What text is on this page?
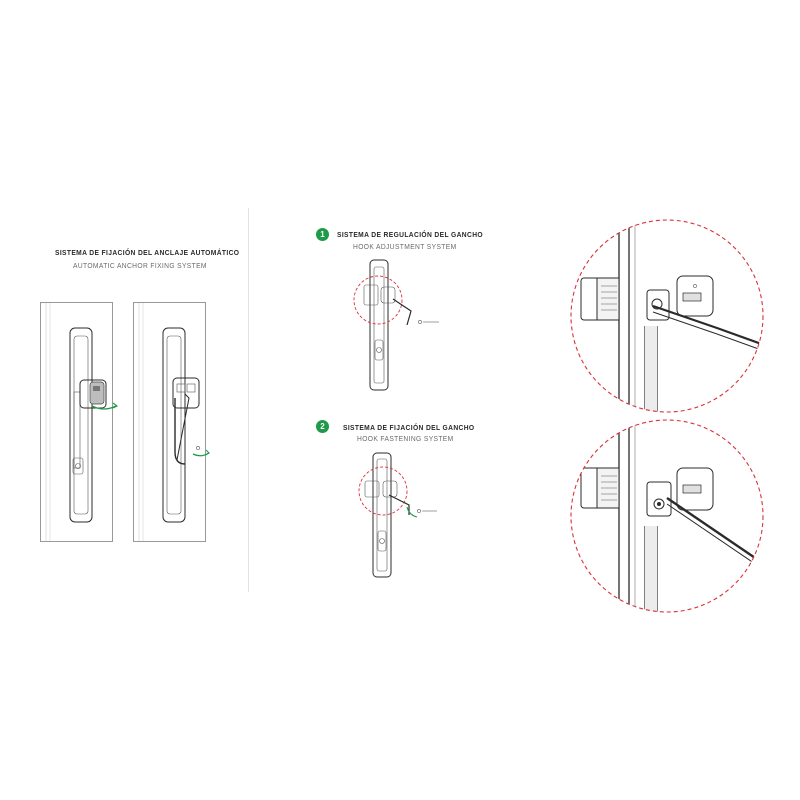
SISTEMA DE FIJACIÓN DEL ANCLAJE AUTOMÁTICO
AUTOMATIC ANCHOR FIXING SYSTEM
1	SISTEMA DE REGULACIÓN DEL GANCHO
HOOK ADJUSTMENT SYSTEM
2	SISTEMA DE FIJACIÓN DEL GANCHO
HOOK FASTENING SYSTEM
